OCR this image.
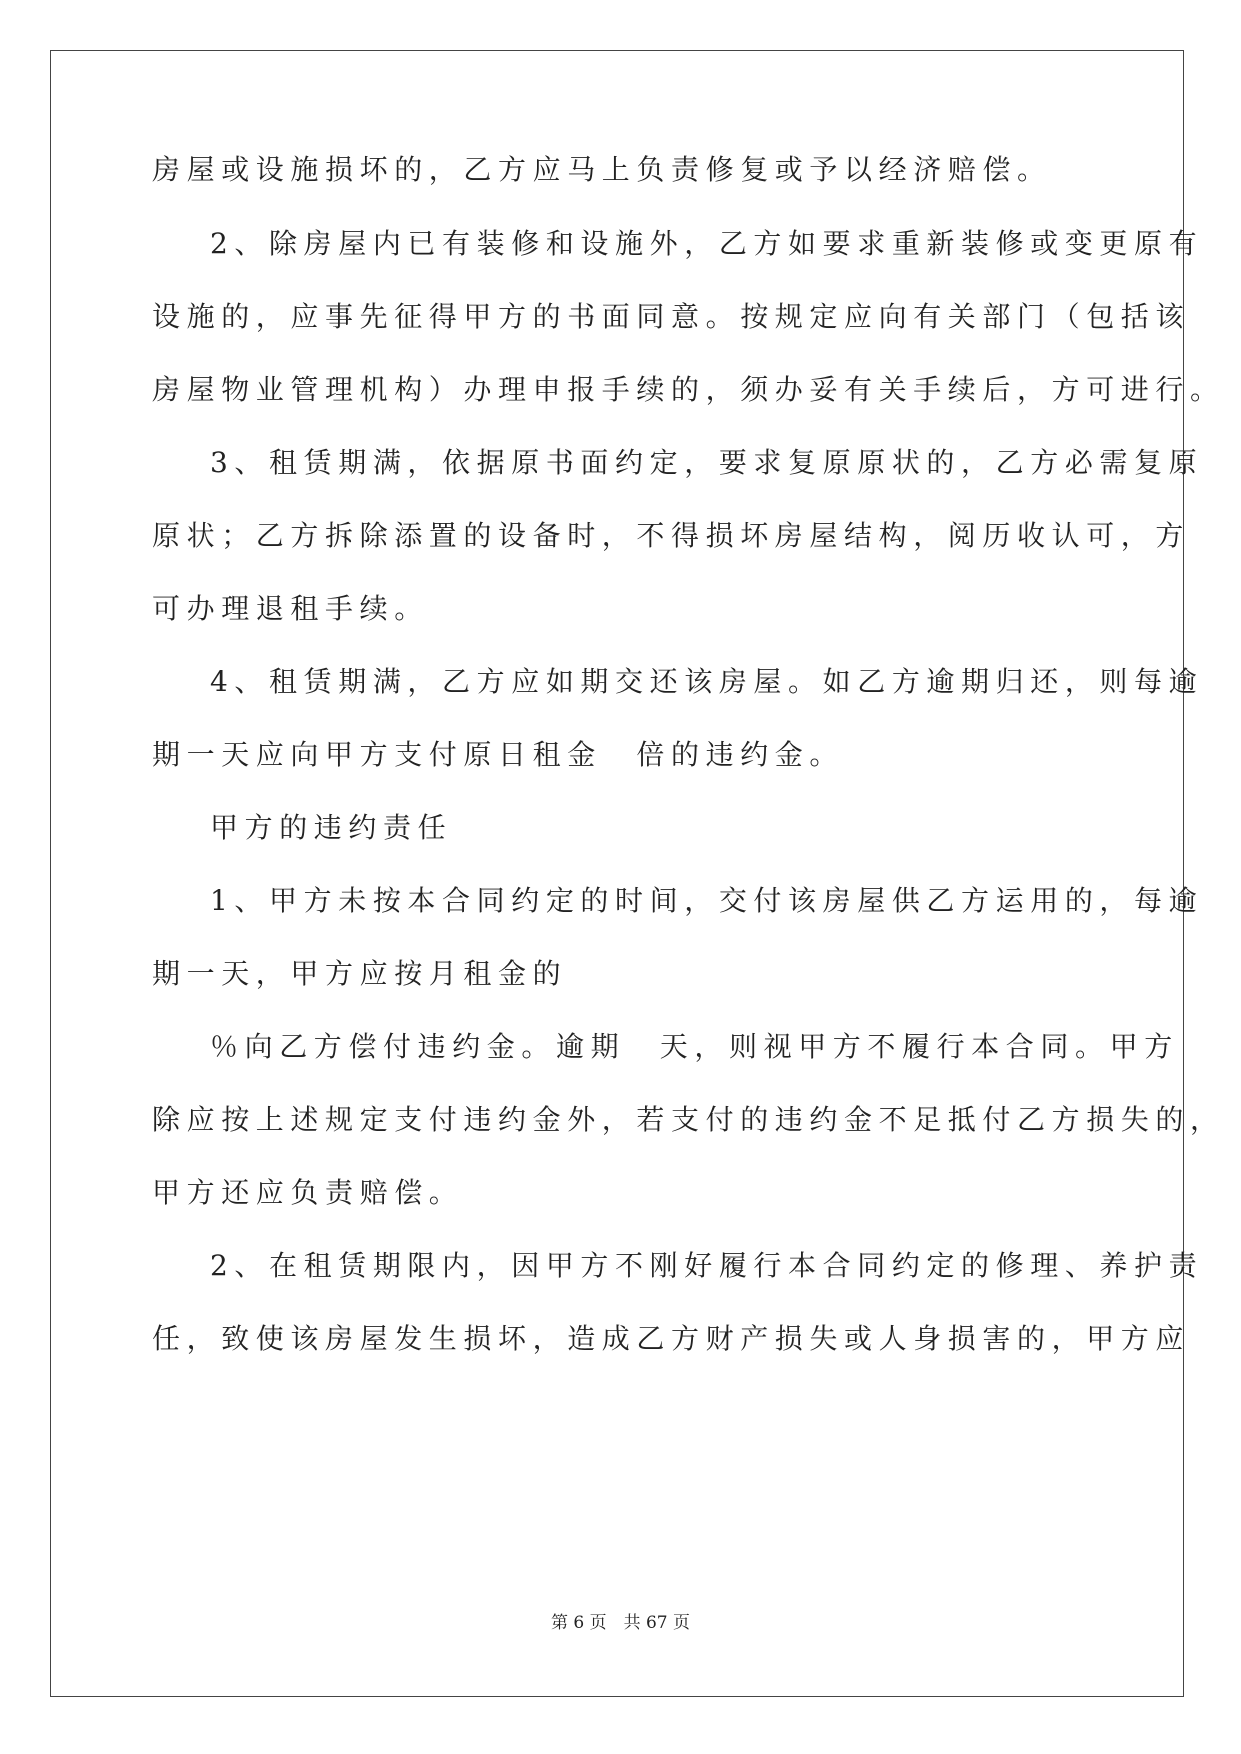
房屋或设施损坏的，乙方应马上负责修复或予以经济赔偿。
2、除房屋内已有装修和设施外，乙方如要求重新装修或变更原有
设施的，应事先征得甲方的书面同意。按规定应向有关部门（包括该
房屋物业管理机构）办理申报手续的，须办妥有关手续后，方可进行。
3、租赁期满，依据原书面约定，要求复原原状的，乙方必需复原
原状；乙方拆除添置的设备时，不得损坏房屋结构，阅历收认可，方
可办理退租手续。
4、租赁期满，乙方应如期交还该房屋。如乙方逾期归还，则每逾
期一天应向甲方支付原日租金　倍的违约金。
甲方的违约责任
1、甲方未按本合同约定的时间，交付该房屋供乙方运用的，每逾
期一天，甲方应按月租金的
％向乙方偿付违约金。逾期　天，则视甲方不履行本合同。甲方
除应按上述规定支付违约金外，若支付的违约金不足抵付乙方损失的，
甲方还应负责赔偿。
2、在租赁期限内，因甲方不刚好履行本合同约定的修理、养护责
任，致使该房屋发生损坏，造成乙方财产损失或人身损害的，甲方应
第 6 页　共 67 页
